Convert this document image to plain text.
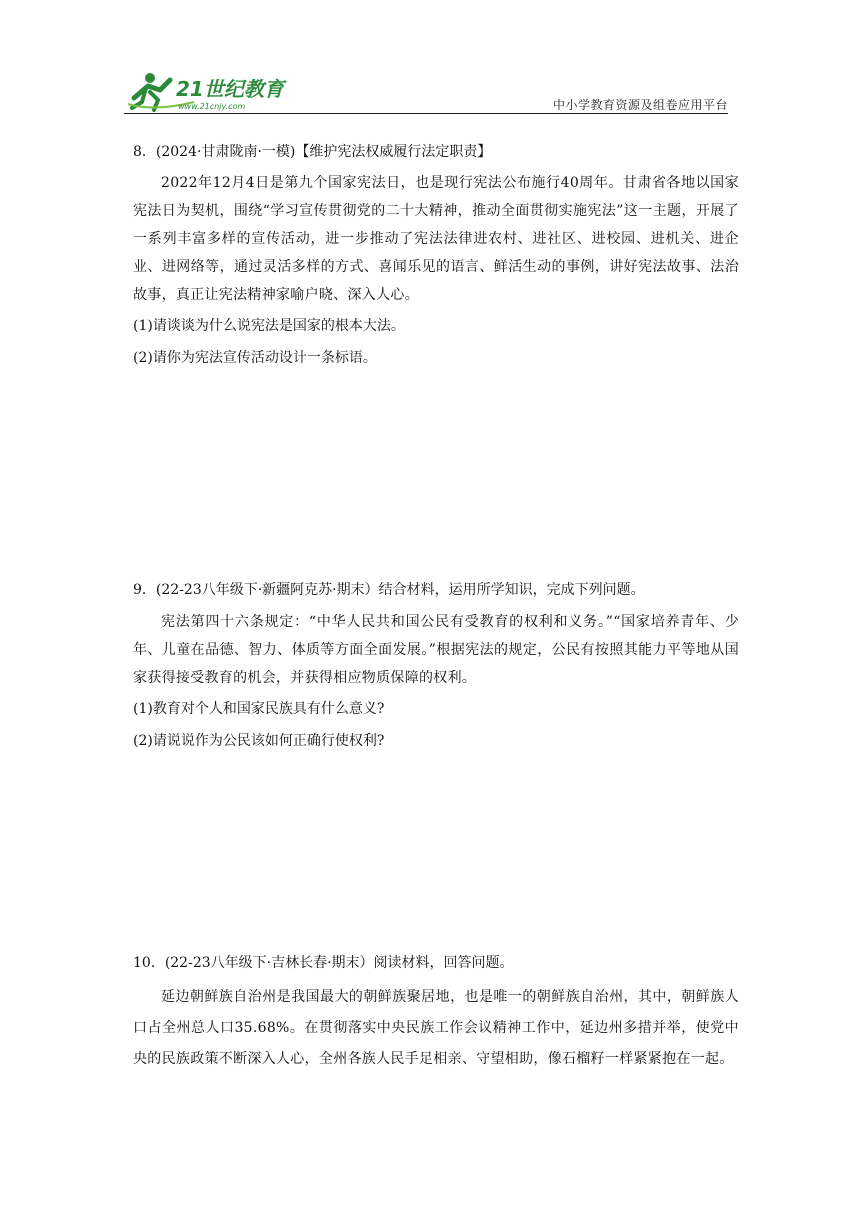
21世纪教育
www.21cnjy.com	中小学教育资源及组卷应用平台

8．(2024·甘肃陇南·一模)【维护宪法权威履行法定职责】

2022年12月4日是第九个国家宪法日，也是现行宪法公布施行40周年。甘肃省各地以国家宪法日为契机，围绕“学习宣传贯彻党的二十大精神，推动全面贯彻实施宪法”这一主题，开展了一系列丰富多样的宣传活动，进一步推动了宪法法律进农村、进社区、进校园、进机关、进企业、进网络等，通过灵活多样的方式、喜闻乐见的语言、鲜活生动的事例，讲好宪法故事、法治故事，真正让宪法精神家喻户晓、深入人心。

(1)请谈谈为什么说宪法是国家的根本大法。

(2)请你为宪法宣传活动设计一条标语。

9．(22-23八年级下·新疆阿克苏·期末）结合材料，运用所学知识，完成下列问题。

宪法第四十六条规定：“中华人民共和国公民有受教育的权利和义务。”“国家培养青年、少年、儿童在品德、智力、体质等方面全面发展。”根据宪法的规定，公民有按照其能力平等地从国家获得接受教育的机会，并获得相应物质保障的权利。

(1)教育对个人和国家民族具有什么意义?

(2)请说说作为公民该如何正确行使权利?

10．(22-23八年级下·吉林长春·期末）阅读材料，回答问题。

延边朝鲜族自治州是我国最大的朝鲜族聚居地，也是唯一的朝鲜族自治州，其中，朝鲜族人口占全州总人口35.68%。在贯彻落实中央民族工作会议精神工作中，延边州多措并举，使党中央的民族政策不断深入人心，全州各族人民手足相亲、守望相助，像石榴籽一样紧紧抱在一起。
